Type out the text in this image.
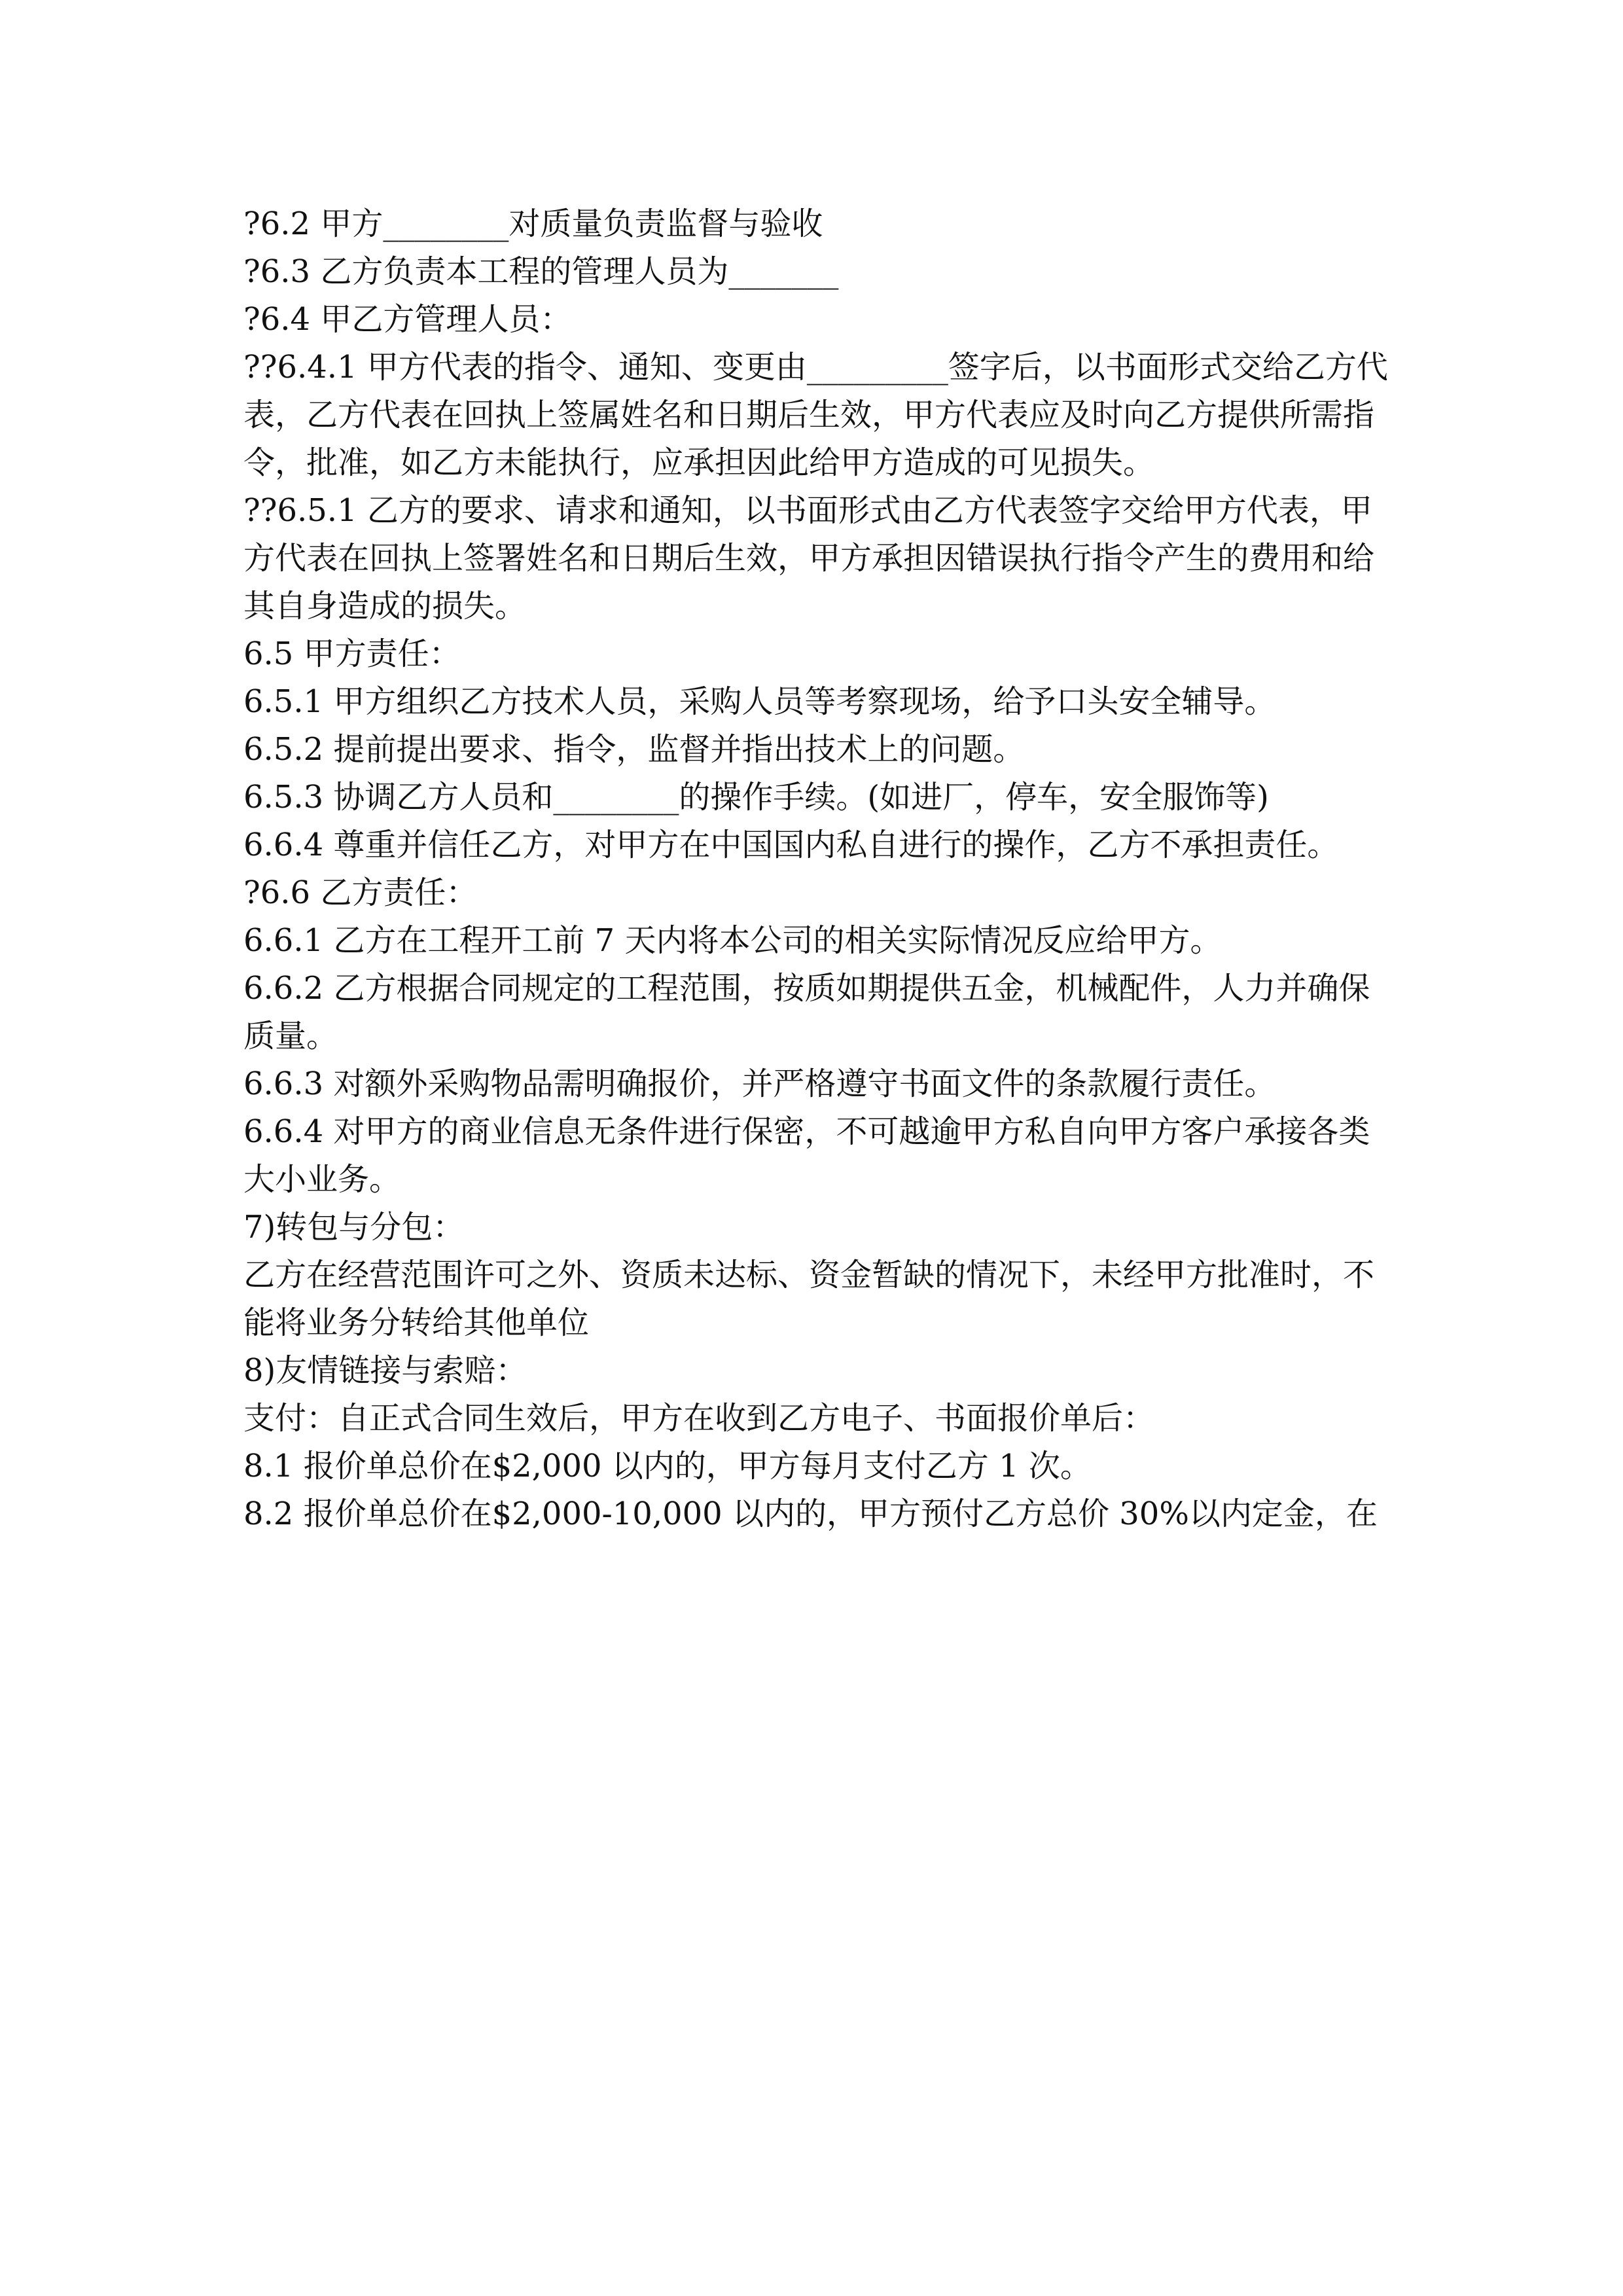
?6.2 甲方________对质量负责监督与验收

?6.3 乙方负责本工程的管理人员为_______

?6.4 甲乙方管理人员：

??6.4.1 甲方代表的指令、通知、变更由_________签字后，以书面形式交给乙方代表，乙方代表在回执上签属姓名和日期后生效，甲方代表应及时向乙方提供所需指令，批准，如乙方未能执行，应承担因此给甲方造成的可见损失。

??6.5.1 乙方的要求、请求和通知，以书面形式由乙方代表签字交给甲方代表，甲方代表在回执上签署姓名和日期后生效，甲方承担因错误执行指令产生的费用和给其自身造成的损失。

6.5 甲方责任：

6.5.1 甲方组织乙方技术人员，采购人员等考察现场，给予口头安全辅导。

6.5.2 提前提出要求、指令，监督并指出技术上的问题。

6.5.3 协调乙方人员和________的操作手续。(如进厂，停车，安全服饰等)

6.6.4 尊重并信任乙方，对甲方在中国国内私自进行的操作，乙方不承担责任。

?6.6 乙方责任：

6.6.1 乙方在工程开工前 7 天内将本公司的相关实际情况反应给甲方。

6.6.2 乙方根据合同规定的工程范围，按质如期提供五金，机械配件，人力并确保质量。

6.6.3 对额外采购物品需明确报价，并严格遵守书面文件的条款履行责任。

6.6.4 对甲方的商业信息无条件进行保密，不可越逾甲方私自向甲方客户承接各类大小业务。

7)转包与分包：

乙方在经营范围许可之外、资质未达标、资金暂缺的情况下，未经甲方批准时，不

能将业务分转给其他单位

8)友情链接与索赔：

支付：自正式合同生效后，甲方在收到乙方电子、书面报价单后：

8.1 报价单总价在$2,000 以内的，甲方每月支付乙方 1 次。

8.2 报价单总价在$2,000-10,000 以内的，甲方预付乙方总价 30%以内定金，在
